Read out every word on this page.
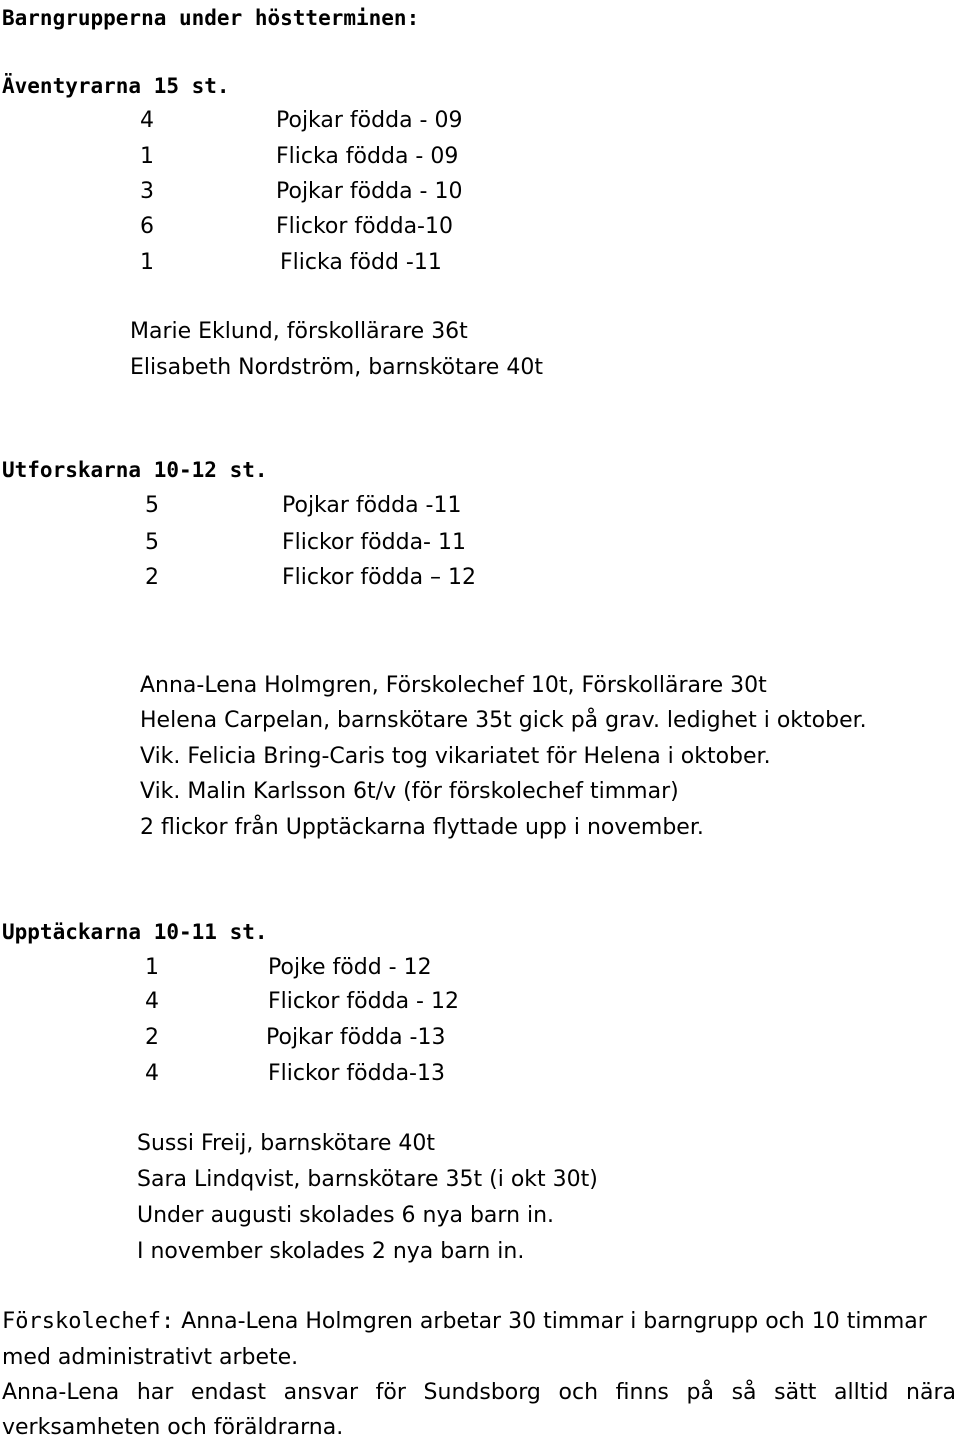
Barngrupperna under höstterminen:
Äventyrarna 15 st.
4	Pojkar födda - 09
1	Flicka födda - 09
3	Pojkar födda - 10
6	Flickor födda-10
1	Flicka född -11
Marie Eklund, förskollärare 36t
Elisabeth Nordström, barnskötare 40t
Utforskarna 10-12 st.
5	Pojkar födda -11
5	Flickor födda- 11
2	Flickor födda – 12
Anna-Lena Holmgren, Förskolechef 10t, Förskollärare 30t
Helena Carpelan, barnskötare 35t gick på grav. ledighet i oktober.
Vik. Felicia Bring-Caris tog vikariatet för Helena i oktober.
Vik. Malin Karlsson 6t/v (för förskolechef timmar)
2 flickor från Upptäckarna flyttade upp i november.
Upptäckarna 10-11 st.
1	Pojke född - 12
4	Flickor födda - 12
2	Pojkar födda -13
4	Flickor födda-13
Sussi Freij, barnskötare 40t
Sara Lindqvist, barnskötare 35t (i okt 30t)
Under augusti skolades 6 nya barn in.
I november skolades 2 nya barn in.
Förskolechef: Anna-Lena Holmgren arbetar 30 timmar i barngrupp och 10 timmar
med administrativt arbete.
Anna-Lena har endast ansvar för Sundsborg och finns på så sätt alltid nära
verksamheten och föräldrarna.
